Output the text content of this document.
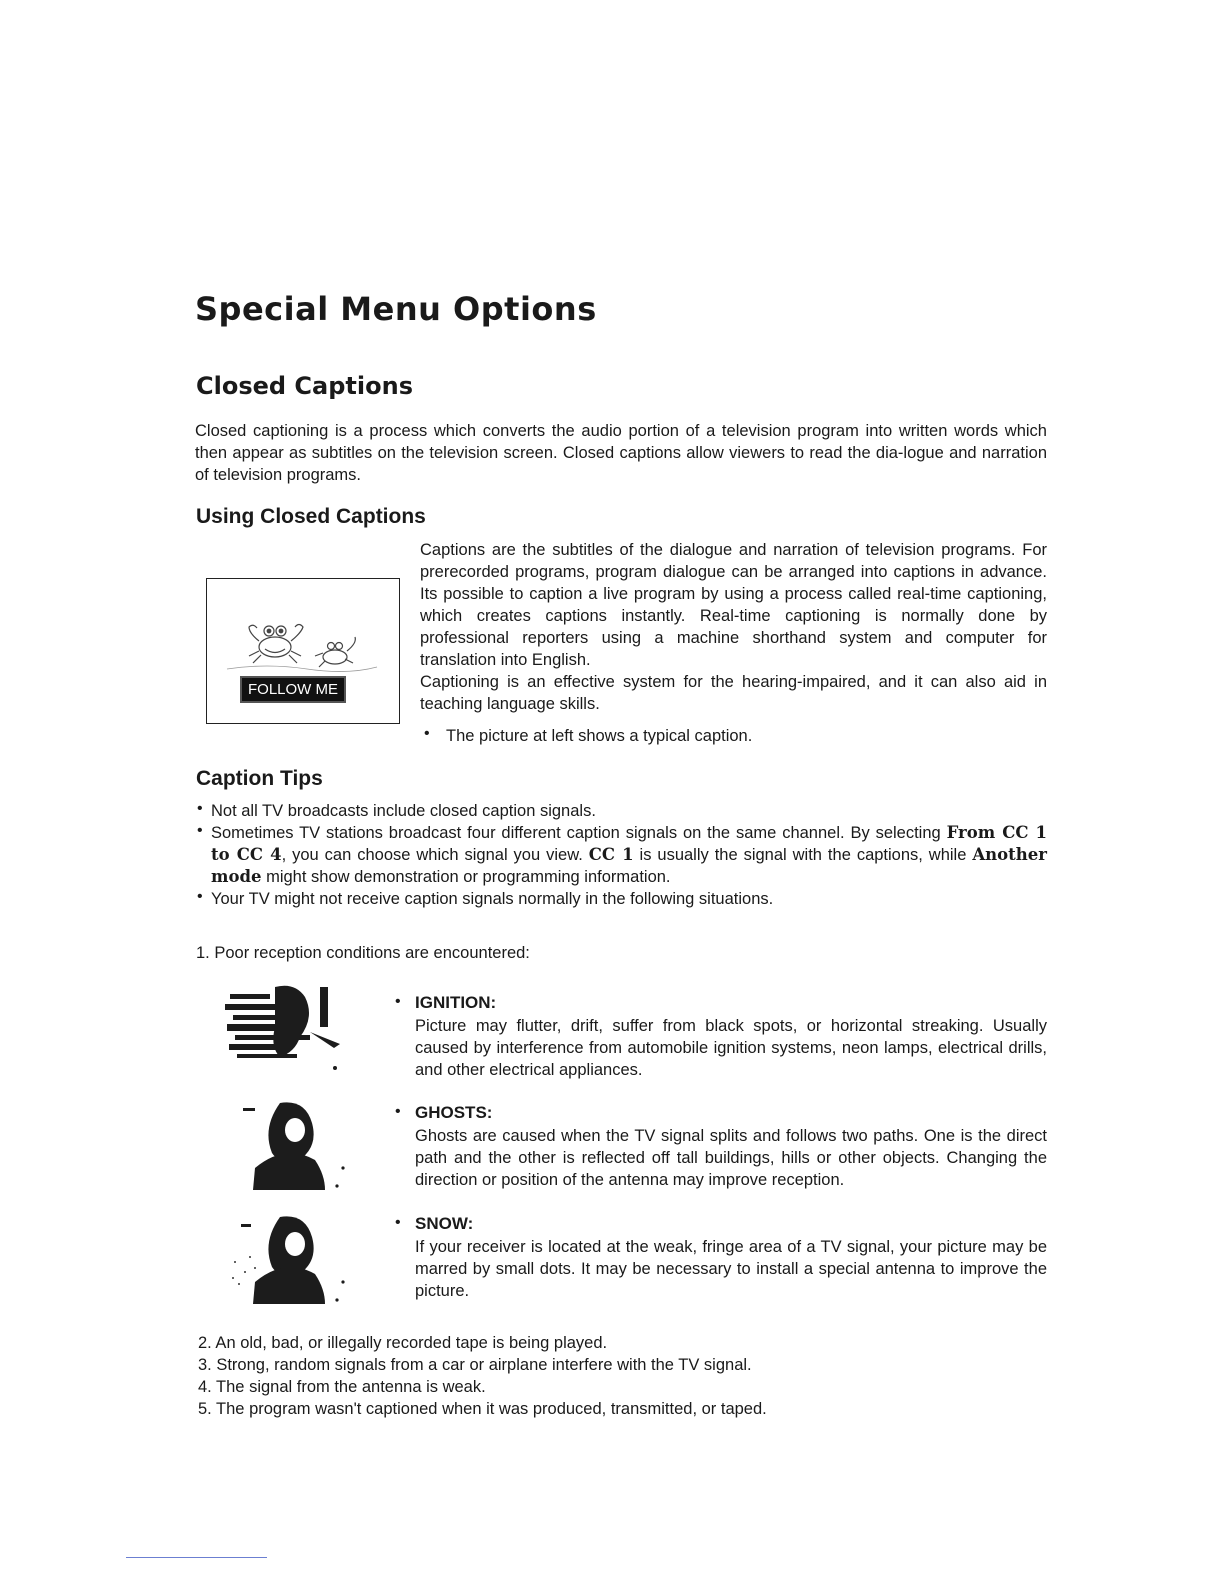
Special Menu Options
Closed Captions

Closed captioning is a process which converts the audio portion of a television program into written words which then appear as subtitles on the television screen. Closed captions allow viewers to read the dia-logue and narration of television programs.

Using Closed Captions
FOLLOW ME

Captions are the subtitles of the dialogue and narration of television programs. For prerecorded programs, program dialogue can be arranged into captions in advance. Its possible to caption a live program by using a process called real-time captioning, which creates captions instantly. Real-time captioning is normally done by professional reporters using a machine shorthand system and computer for translation into English.

Captioning is an effective system for the hearing-impaired, and it can also aid in teaching language skills.

• The picture at left shows a typical caption.

Caption Tips
• Not all TV broadcasts include closed caption signals.

• Sometimes TV stations broadcast four different caption signals on the same channel. By selecting From CC 1 to CC 4, you can choose which signal you view. CC 1 is usually the signal with the captions, while Another mode might show demonstration or programming information.

• Your TV might not receive caption signals normally in the following situations.

1. Poor reception conditions are encountered:
• IGNITION:

Picture may flutter, drift, suffer from black spots, or horizontal streaking. Usually caused by interference from automobile ignition systems, neon lamps, electrical drills, and other electrical appliances.

• GHOSTS:

Ghosts are caused when the TV signal splits and follows two paths. One is the direct path and the other is reflected off tall buildings, hills or other objects. Changing the direction or position of the antenna may improve reception.

• SNOW:

If your receiver is located at the weak, fringe area of a TV signal, your picture may be marred by small dots. It may be necessary to install a special antenna to improve the picture.

2. An old, bad, or illegally recorded tape is being played.
3. Strong, random signals from a car or airplane interfere with the TV signal.
4. The signal from the antenna is weak.
5. The program wasn't captioned when it was produced, transmitted, or taped.
